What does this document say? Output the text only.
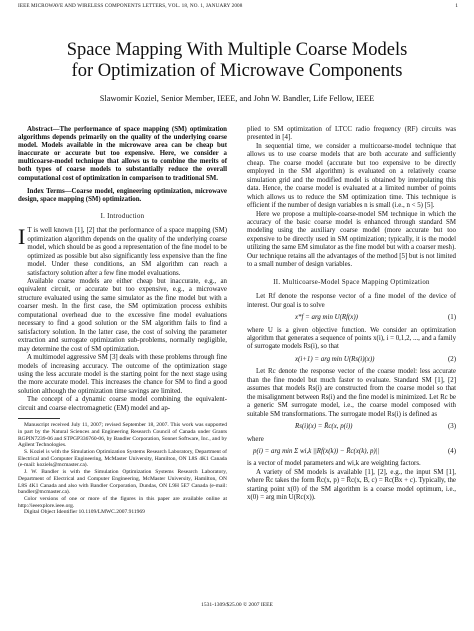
IEEE MICROWAVE AND WIRELESS COMPONENTS LETTERS, VOL. 18, NO. 1, JANUARY 2008	1
Space Mapping With Multiple Coarse Models
for Optimization of Microwave Components
Slawomir Koziel, Senior Member, IEEE, and John W. Bandler, Life Fellow, IEEE

Abstract—The performance of space mapping (SM) optimization algorithms depends primarily on the quality of the underlying coarse model. Models available in the microwave area can be cheap but inaccurate or accurate but too expensive. Here, we consider a multicoarse-model technique that allows us to combine the merits of both types of coarse models to substantially reduce the overall computational cost of optimization in comparison to traditional SM.

Index Terms—Coarse model, engineering optimization, microwave design, space mapping (SM) optimization.

I. Introduction
I T is well known [1], [2] that the performance of a space mapping (SM) optimization algorithm depends on the quality of the underlying coarse model, which should be as good a representation of the fine model to be optimized as possible but also significantly less expensive than the fine model. Under these conditions, an SM algorithm can reach a satisfactory solution after a few fine model evaluations.

Available coarse models are either cheap but inaccurate, e.g., an equivalent circuit, or accurate but too expensive, e.g., a microwave structure evaluated using the same simulator as the fine model but with a coarser mesh. In the first case, the SM optimization process exhibits computational overhead due to the excessive fine model evaluations necessary to find a good solution or the SM algorithm fails to find a satisfactory solution. In the latter case, the cost of solving the parameter extraction and surrogate optimization sub-problems, normally negligible, may determine the cost of SM optimization.

A multimodel aggressive SM [3] deals with these problems through fine models of increasing accuracy. The outcome of the optimization stage using the less accurate model is the starting point for the next stage using the more accurate model. This increases the chance for SM to find a good solution although the optimization time savings are limited.

The concept of a dynamic coarse model combining the equivalent-circuit and coarse electromagnetic (EM) model and ap-

Manuscript received July 11, 2007; revised September 18, 2007. This work was supported in part by the Natural Sciences and Engineering Research Council of Canada under Grants RGPIN7239-06 and STPGP336760-06, by Bandler Corporation, Sonnet Software, Inc., and by Agilent Technologies.

S. Koziel is with the Simulation Optimization Systems Research Laboratory, Department of Electrical and Computer Engineering, McMaster University, Hamilton, ON L8S 4K1 Canada (e-mail: koziels@mcmaster.ca).

J. W. Bandler is with the Simulation Optimization Systems Research Laboratory, Department of Electrical and Computer Engineering, McMaster University, Hamilton, ON L8S 4K1 Canada and also with Bandler Corporation, Dundas, ON L9H 5E7 Canada (e-mail: bandler@mcmaster.ca).

Color versions of one or more of the figures in this paper are available online at http://ieeexplore.ieee.org.

Digital Object Identifier 10.1109/LMWC.2007.911969

plied to SM optimization of LTCC radio frequency (RF) circuits was presented in [4].

In sequential time, we consider a multicoarse-model technique that allows us to use coarse models that are both accurate and sufficiently cheap. The coarse model (accurate but too expensive to be directly employed in the SM algorithm) is evaluated on a relatively coarse simulation grid and the modified model is obtained by interpolating this data. Hence, the coarse model is evaluated at a limited number of points which allows us to reduce the SM optimization time. This technique is efficient if the number of design variables n is small (i.e., n < 5) [5].

Here we propose a multiple-coarse-model SM technique in which the accuracy of the basic coarse model is enhanced through standard SM modeling using the auxiliary coarse model (more accurate but too expensive to be directly used in SM optimization; typically, it is the model utilizing the same EM simulator as the fine model but with a coarser mesh). Our technique retains all the advantages of the method [5] but is not limited to a small number of design variables.

II. Multicoarse-Model Space Mapping Optimization

Let Rf denote the response vector of a fine model of the device of interest. Our goal is to solve

x*f = arg min U(Rf(x))	(1)

where U is a given objective function. We consider an optimization algorithm that generates a sequence of points x(i), i = 0,1,2, ..., and a family of surrogate models Rs(i), so that

x(i+1) = arg min U(Rs(i)(x))	(2)

Let Rc denote the response vector of the coarse model: less accurate than the fine model but much faster to evaluate. Standard SM [1], [2] assumes that models Rs(i) are constructed from the coarse model so that the misalignment between Rs(i) and the fine model is minimized. Let Rc be a generic SM surrogate model, i.e., the coarse model composed with suitable SM transformations. The surrogate model Rs(i) is defined as

Rs(i)(x) = R̄c(x, p(i))	(3)

where

p(i) = arg min Σ wi,k ||Rf(x(k)) − R̄c(x(k), p)||	(4)

is a vector of model parameters and wi,k are weighting factors.

A variety of SM models is available [1], [2], e.g., the input SM [1], where R̄c takes the form R̄c(x, p) = R̄c(x, B, c) = Rc(Bx + c). Typically, the starting point x(0) of the SM algorithm is a coarse model optimum, i.e., x(0) = arg min U(Rc(x)).

1531-1309/$25.00 © 2007 IEEE
